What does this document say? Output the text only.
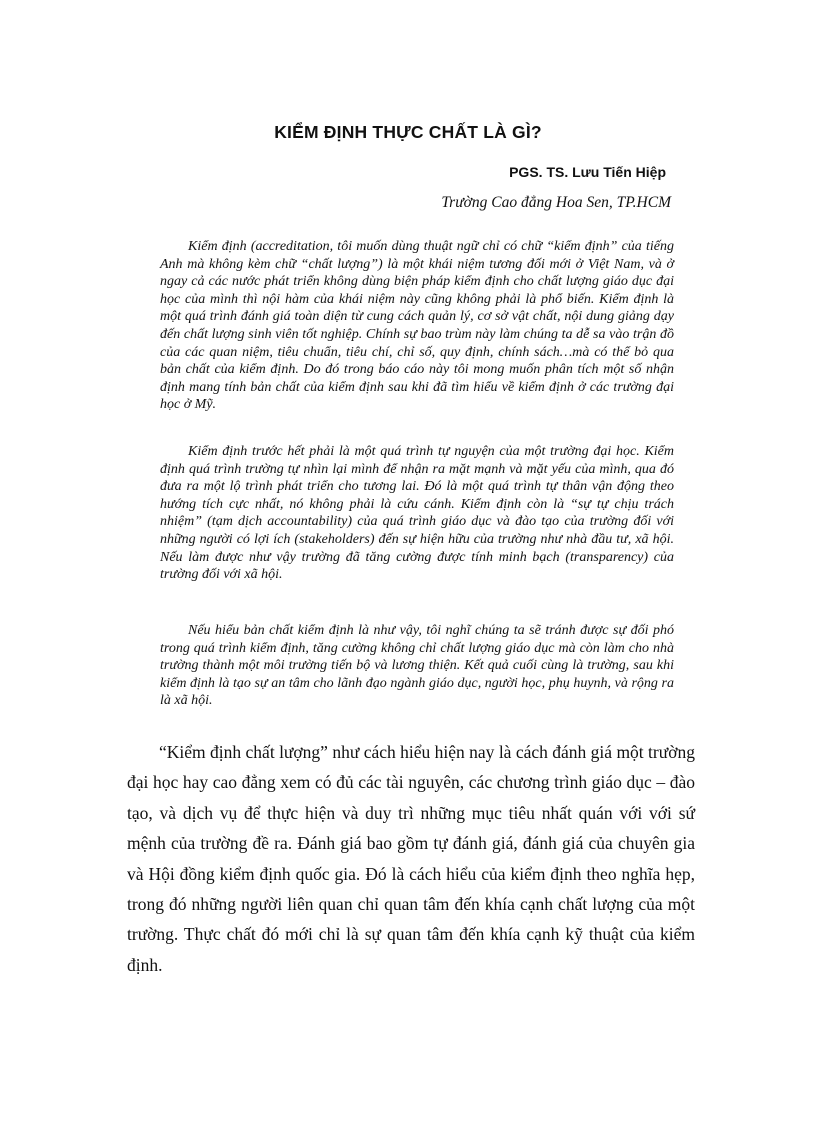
KIỂM ĐỊNH THỰC CHẤT LÀ GÌ?
PGS. TS. Lưu Tiến Hiệp
Trường Cao đẳng Hoa Sen, TP.HCM

Kiểm định (accreditation, tôi muốn dùng thuật ngữ chỉ có chữ “kiểm định” của tiếng Anh mà không kèm chữ “chất lượng”) là một khái niệm tương đối mới ở Việt Nam, và ở ngay cả các nước phát triển không dùng biện pháp kiểm định cho chất lượng giáo dục đại học của mình thì nội hàm của khái niệm này cũng không phải là phổ biến. Kiểm định là một quá trình đánh giá toàn diện từ cung cách quản lý, cơ sở vật chất, nội dung giảng dạy đến chất lượng sinh viên tốt nghiệp. Chính sự bao trùm này làm chúng ta dễ sa vào trận đồ của các quan niệm, tiêu chuẩn, tiêu chí, chỉ số, quy định, chính sách…mà có thể bỏ qua bản chất của kiểm định. Do đó trong báo cáo này tôi mong muốn phân tích một số nhận định mang tính bản chất của kiểm định sau khi đã tìm hiểu về kiểm định ở các trường đại học ở Mỹ.

Kiểm định trước hết phải là một quá trình tự nguyện của một trường đại học. Kiểm định quá trình trường tự nhìn lại mình để nhận ra mặt mạnh và mặt yếu của mình, qua đó đưa ra một lộ trình phát triển cho tương lai. Đó là một quá trình tự thân vận động theo hướng tích cực nhất, nó không phải là cứu cánh. Kiểm định còn là “sự tự chịu trách nhiệm” (tạm dịch accountability) của quá trình giáo dục và đào tạo của trường đối với những người có lợi ích (stakeholders) đến sự hiện hữu của trường như nhà đầu tư, xã hội. Nếu làm được như vậy trường đã tăng cường được tính minh bạch (transparency) của trường đối với xã hội.

Nếu hiểu bản chất kiểm định là như vậy, tôi nghĩ chúng ta sẽ tránh được sự đối phó trong quá trình kiểm định, tăng cường không chỉ chất lượng giáo dục mà còn làm cho nhà trường thành một môi trường tiến bộ và lương thiện. Kết quả cuối cùng là trường, sau khi kiểm định là tạo sự an tâm cho lãnh đạo ngành giáo dục, người học, phụ huynh, và rộng ra là xã hội.

“Kiểm định chất lượng” như cách hiểu hiện nay là cách đánh giá một trường đại học hay cao đẳng xem có đủ các tài nguyên, các chương trình giáo dục – đào tạo, và dịch vụ để thực hiện và duy trì những mục tiêu nhất quán với với sứ mệnh của trường đề ra. Đánh giá bao gồm tự đánh giá, đánh giá của chuyên gia và Hội đồng kiểm định quốc gia. Đó là cách hiểu của kiểm định theo nghĩa hẹp, trong đó những người liên quan chỉ quan tâm đến khía cạnh chất lượng của một trường. Thực chất đó mới chỉ là sự quan tâm đến khía cạnh kỹ thuật của kiểm định.
